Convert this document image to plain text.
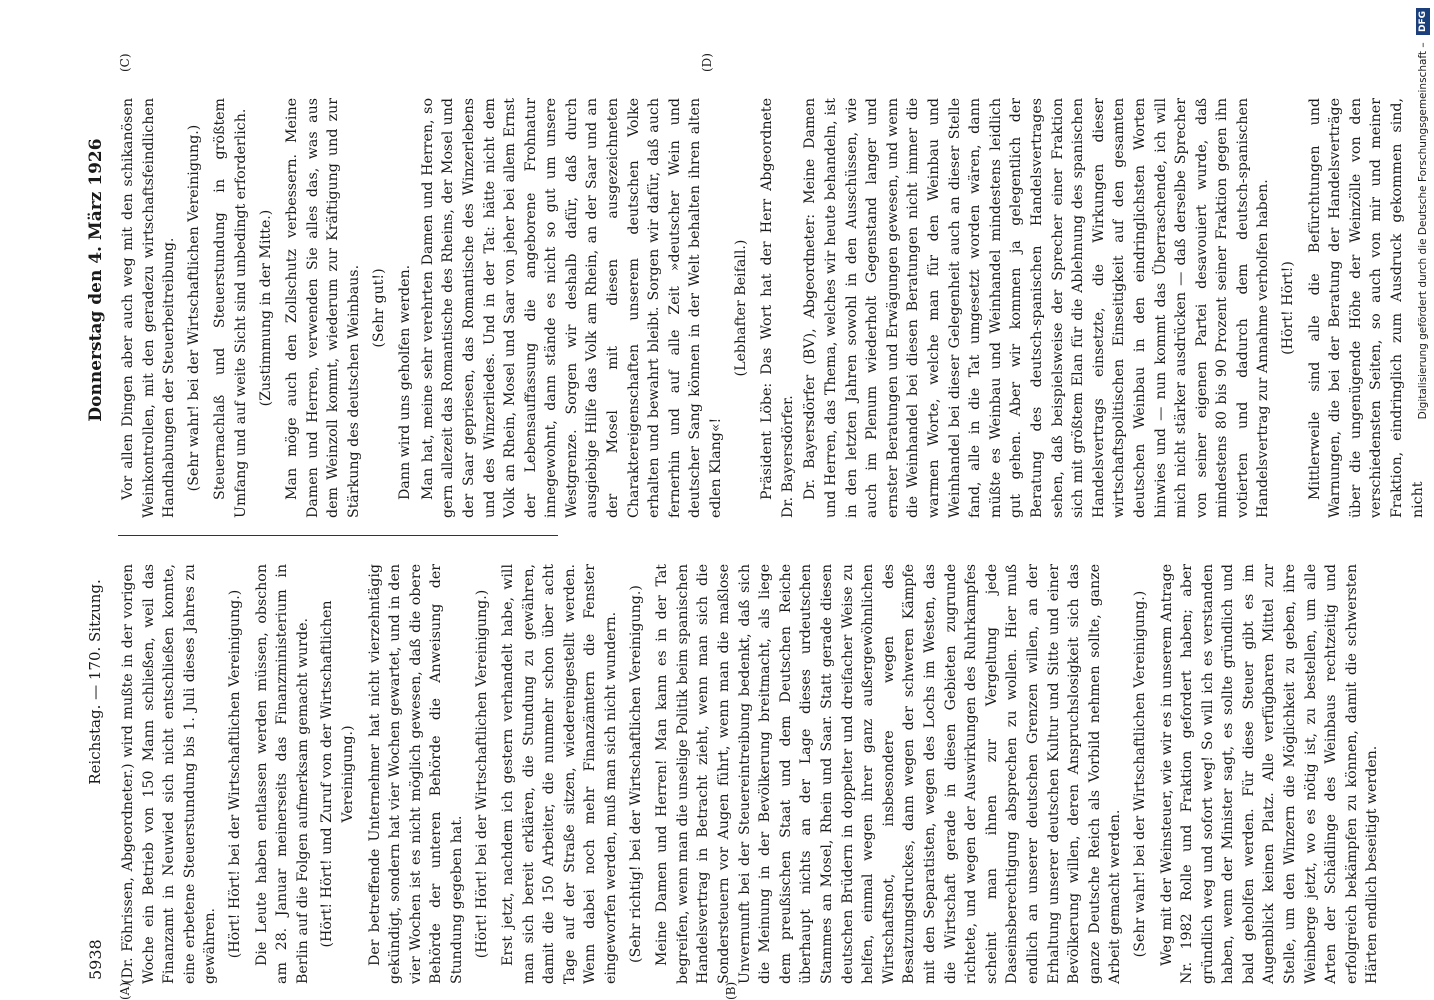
5938
Reichstag. — 170. Sitzung.
Donnerstag den 4. März 1926
(A)	(B)
(C)	(D)

(Dr. Föhrissen, Abgeordneter.) wird mußte in der vorigen Woche ein Betrieb von 150 Mann schließen, weil das Finanzamt in Neuwied sich nicht entschließen konnte, eine erbetene Steuerstundung bis 1. Juli dieses Jahres zu gewähren. (Hört! Hört! bei der Wirtschaftlichen Vereinigung.) Die Leute haben entlassen werden müssen, obschon am 28. Januar meinerseits das Finanzministerium in Berlin auf die Folgen aufmerksam gemacht wurde. (Hört! Hört! und Zuruf von der Wirtschaftlichen Vereinigung.) Der betreffende Unternehmer hat nicht vierzehntägig gekündigt, sondern hat vier Wochen gewartet, und in den vier Wochen ist es nicht möglich gewesen, daß die obere Behörde der unteren Behörde die Anweisung der Stundung gegeben hat. (Hört! Hört! bei der Wirtschaftlichen Vereinigung.) Erst jetzt, nachdem ich gestern verhandelt habe, will man sich bereit erklären, die Stundung zu gewähren, damit die 150 Arbeiter, die nunmehr schon über acht Tage auf der Straße sitzen, wiedereingestellt werden. Wenn dabei noch mehr Finanzämtern die Fenster eingeworfen werden, muß man sich nicht wundern. (Sehr richtig! bei der Wirtschaftlichen Vereinigung.) Meine Damen und Herren! Man kann es in der Tat begreifen, wenn man die unselige Politik beim spanischen Handelsvertrag in Betracht zieht, wenn man sich die Sondersteuern vor Augen führt, wenn man die maßlose Unvernunft bei der Steuereintreibung bedenkt, daß sich die Meinung in der Bevölkerung breitmacht, als liege dem preußischen Staat und dem Deutschen Reiche überhaupt nichts an der Lage dieses urdeutschen Stammes an Mosel, Rhein und Saar. Statt gerade diesen deutschen Brüdern in doppelter und dreifacher Weise zu helfen, einmal wegen ihrer ganz außergewöhnlichen Wirtschaftsnot, insbesondere wegen des Besatzungsdruckes, dann wegen der schweren Kämpfe mit den Separatisten, wegen des Lochs im Westen, das die Wirtschaft gerade in diesen Gebieten zugrunde richtete, und wegen der Auswirkungen des Ruhrkampfes scheint man ihnen zur Vergeltung jede Daseinsberechtigung absprechen zu wollen. Hier muß endlich an unserer deutschen Grenzen willen, an der Erhaltung unserer deutschen Kultur und Sitte und einer Bevölkerung willen, deren Anspruchslosigkeit sich das ganze Deutsche Reich als Vorbild nehmen sollte, ganze Arbeit gemacht werden. (Sehr wahr! bei der Wirtschaftlichen Vereinigung.) Weg mit der Weinsteuer, wie wir es in unserem Antrage Nr. 1982 Rolle und Fraktion gefordert haben; aber gründlich weg und sofort weg! So will ich es verstanden haben, wenn der Minister sagt, es sollte gründlich und bald geholfen werden. Für diese Steuer gibt es im Augenblick keinen Platz. Alle verfügbaren Mittel zur Stelle, um den Winzern die Möglichkeit zu geben, ihre Weinberge jetzt, wo es nötig ist, zu bestellen, um alle Arten der Schädlinge des Weinbaus rechtzeitig und erfolgreich bekämpfen zu können, damit die schwersten Härten endlich beseitigt werden.

Vor allen Dingen aber auch weg mit den schikanösen Weinkontrollen, mit den geradezu wirtschaftsfeindlichen Handhabungen der Steuerbeitreibung. (Sehr wahr! bei der Wirtschaftlichen Vereinigung.) Steuernachlaß und Steuerstundung in größtem Umfang und auf weite Sicht sind unbedingt erforderlich. (Zustimmung in der Mitte.) Man möge auch den Zollschutz verbessern. Meine Damen und Herren, verwenden Sie alles das, was aus dem Weinzoll kommt, wiederum zur Kräftigung und zur Stärkung des deutschen Weinbaus. (Sehr gut!) Dann wird uns geholfen werden. Man hat, meine sehr verehrten Damen und Herren, so gern allezeit das Romantische des Rheins, der Mosel und der Saar gepriesen, das Romantische des Winzerlebens und des Winzerliedes. Und in der Tat: hätte nicht dem Volk an Rhein, Mosel und Saar von jeher bei allem Ernst der Lebensauffassung die angeborene Frohnatur innegewohnt, dann stände es nicht so gut um unsere Westgrenze. Sorgen wir deshalb dafür, daß durch ausgiebige Hilfe das Volk am Rhein, an der Saar und an der Mosel mit diesen ausgezeichneten Charaktereigenschaften unserem deutschen Volke erhalten und bewahrt bleibt. Sorgen wir dafür, daß auch fernerhin und auf alle Zeit »deutscher Wein und deutscher Sang können in der Welt behalten ihren alten edlen Klang«!

(Lebhafter Beifall.) Präsident Löbe: Das Wort hat der Herr Abgeordnete Dr. Bayersdörfer. Dr. Bayersdörfer (BV), Abgeordneter: Meine Damen und Herren, das Thema, welches wir heute behandeln, ist in den letzten Jahren sowohl in den Ausschüssen, wie auch im Plenum wiederholt Gegenstand langer und ernster Beratungen und Erwägungen gewesen, und wenn die Weinhandel bei diesen Beratungen nicht immer die warmen Worte, welche man für den Weinbau und Weinhandel bei dieser Gelegenheit auch an dieser Stelle fand, alle in die Tat umgesetzt worden wären, dann müßte es Weinbau und Weinhandel mindestens leidlich gut gehen. Aber wir kommen ja gelegentlich der Beratung des deutsch-spanischen Handelsvertrages sehen, daß beispielsweise der Sprecher einer Fraktion sich mit größtem Elan für die Ablehnung des spanischen Handelsvertrags einsetzte, die Wirkungen dieser wirtschaftspolitischen Einseitigkeit auf den gesamten deutschen Weinbau in den eindringlichsten Worten hinwies und — nun kommt das Überraschende, ich will mich nicht stärker ausdrücken — daß derselbe Sprecher von seiner eigenen Partei desavouiert wurde, daß mindestens 80 bis 90 Prozent seiner Fraktion gegen ihn votierten und dadurch dem deutsch-spanischen Handelsvertrag zur Annahme verholfen haben. (Hört! Hört!) Mittlerweile sind alle die Befürchtungen und Warnungen, die bei der Beratung der Handelsverträge über die ungenügende Höhe der Weinzölle von den verschiedensten Seiten, so auch von mir und meiner Fraktion, eindringlich zum Ausdruck gekommen sind, nicht

Digitalisierung gefördert durch die Deutsche Forschungsgemeinschaft – DFG
